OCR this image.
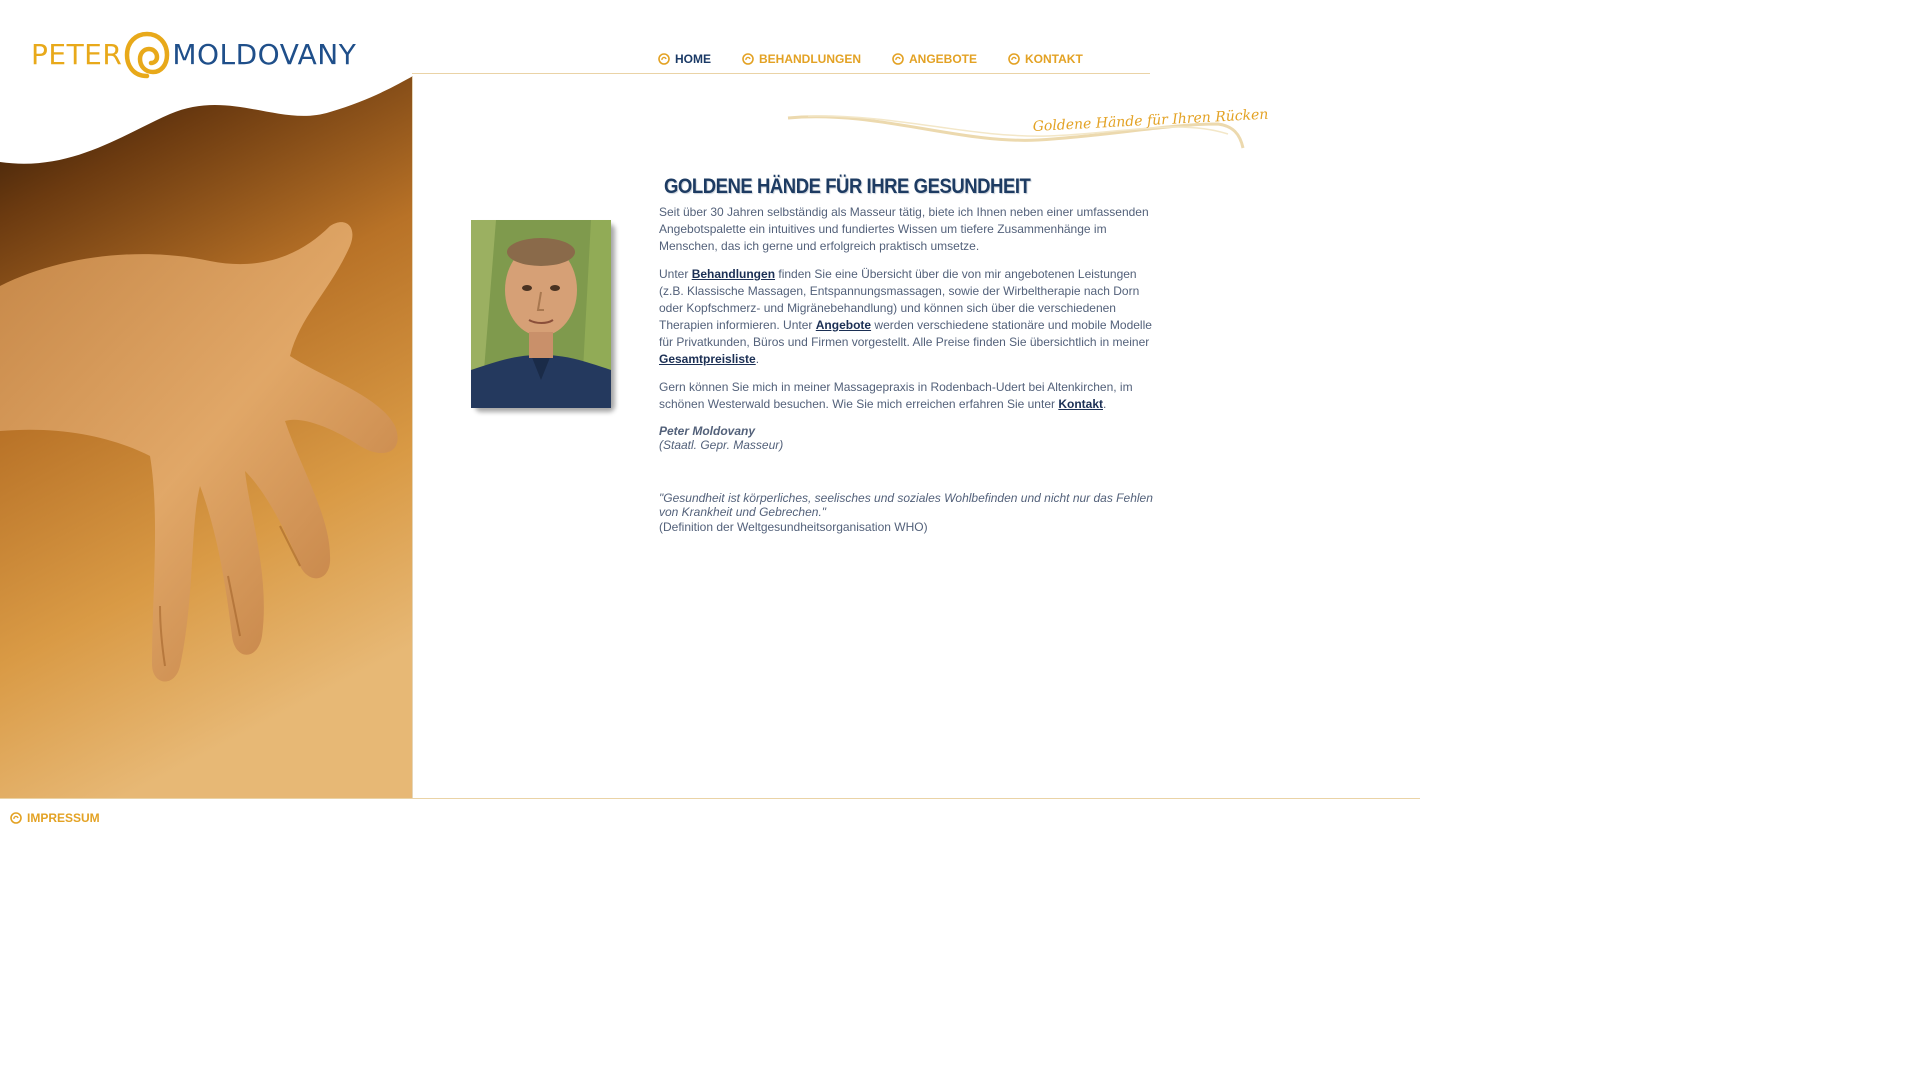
PETER MOLDOVANY	HOME	BEHANDLUNGEN	ANGEBOTE	KONTAKT
Goldene Hände für Ihren Rücken
GOLDENE HÄNDE FÜR IHRE GESUNDHEIT

Seit über 30 Jahren selbständig als Masseur tätig, biete ich Ihnen neben einer umfassenden Angebotspalette ein intuitives und fundiertes Wissen um tiefere Zusammenhänge im Menschen, das ich gerne und erfolgreich praktisch umsetze.

Unter Behandlungen finden Sie eine Übersicht über die von mir angebotenen Leistungen (z.B. Klassische Massagen, Entspannungsmassagen, sowie der Wirbeltherapie nach Dorn oder Kopfschmerz- und Migränebehandlung) und können sich über die verschiedenen Therapien informieren. Unter Angebote werden verschiedene stationäre und mobile Modelle für Privatkunden, Büros und Firmen vorgestellt. Alle Preise finden Sie übersichtlich in meiner Gesamtpreisliste.

Gern können Sie mich in meiner Massagepraxis in Rodenbach-Udert bei Altenkirchen, im schönen Westerwald besuchen. Wie Sie mich erreichen erfahren Sie unter Kontakt.

Peter Moldovany
(Staatl. Gepr. Masseur)

"Gesundheit ist körperliches, seelisches und soziales Wohlbefinden und nicht nur das Fehlen von Krankheit und Gebrechen."

(Definition der Weltgesundheitsorganisation WHO)
IMPRESSUM
